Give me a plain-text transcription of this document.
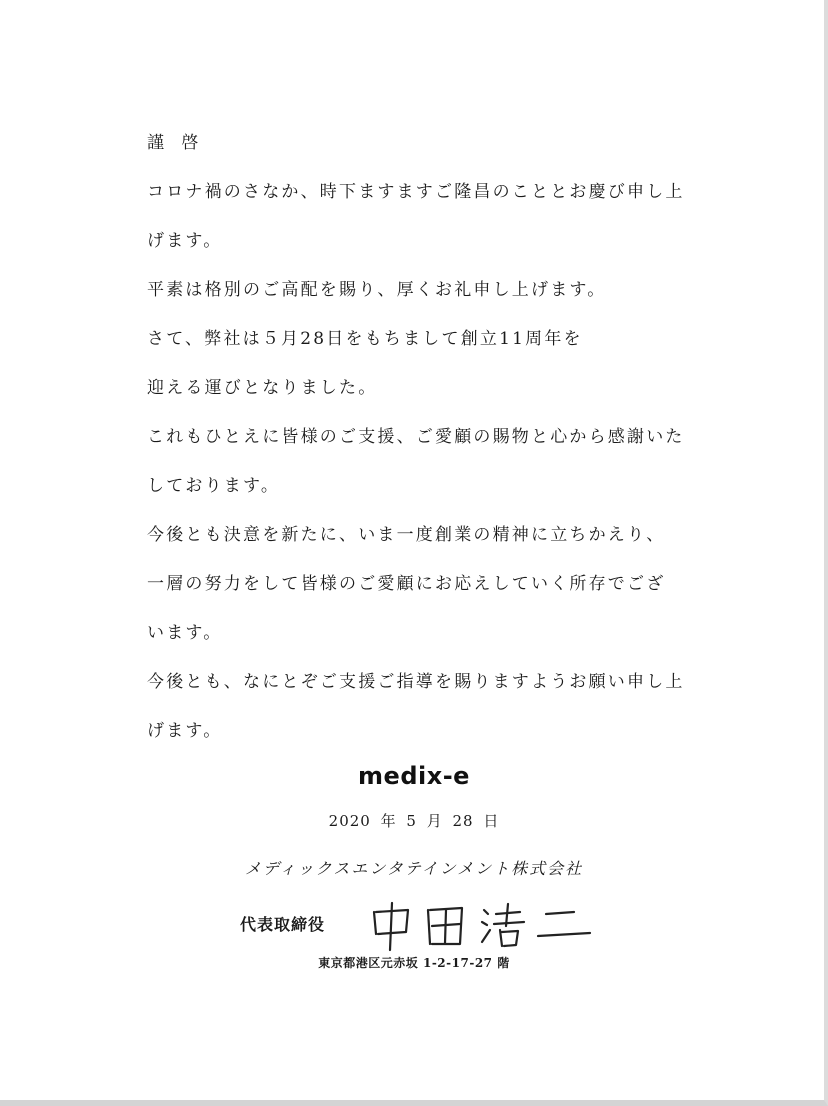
謹 啓
コロナ禍のさなか、時下ますますご隆昌のこととお慶び申し上
げます。
平素は格別のご高配を賜り、厚くお礼申し上げます。
さて、弊社は５月28日をもちまして創立11周年を
迎える運びとなりました。
これもひとえに皆様のご支援、ご愛顧の賜物と心から感謝いた
しております。
今後とも決意を新たに、いま一度創業の精神に立ちかえり、
一層の努力をして皆様のご愛顧にお応えしていく所存でござ
います。
今後とも、なにとぞご支援ご指導を賜りますようお願い申し上
げます。
medix-e
2020 年 5 月 28 日
メディックスエンタテインメント株式会社
代表取締役
東京都港区元赤坂 1-2-17-27 階
